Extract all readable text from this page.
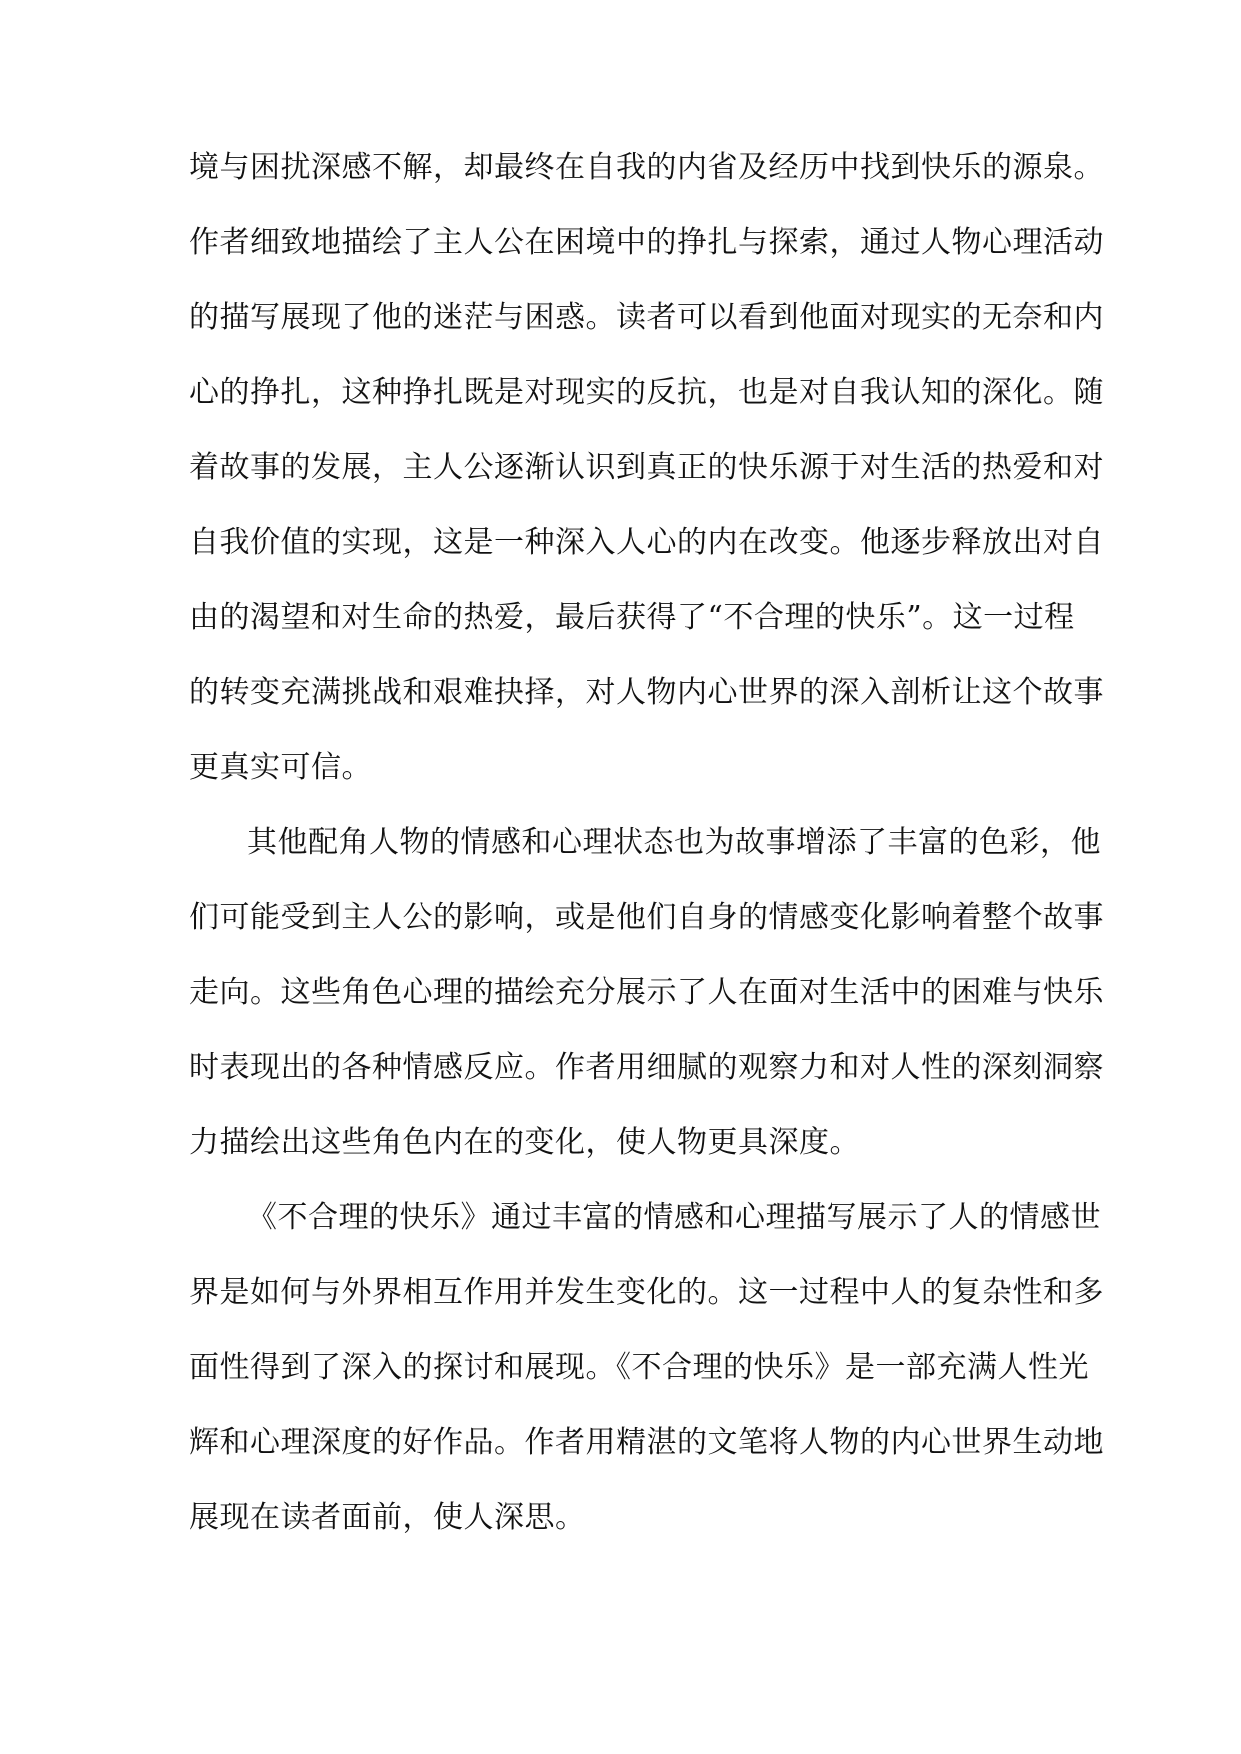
境与困扰深感不解，却最终在自我的内省及经历中找到快乐的源泉。
作者细致地描绘了主人公在困境中的挣扎与探索，通过人物心理活动
的描写展现了他的迷茫与困惑。读者可以看到他面对现实的无奈和内
心的挣扎，这种挣扎既是对现实的反抗，也是对自我认知的深化。随
着故事的发展，主人公逐渐认识到真正的快乐源于对生活的热爱和对
自我价值的实现，这是一种深入人心的内在改变。他逐步释放出对自
由的渴望和对生命的热爱，最后获得了“不合理的快乐”。这一过程
的转变充满挑战和艰难抉择，对人物内心世界的深入剖析让这个故事
更真实可信。
其他配角人物的情感和心理状态也为故事增添了丰富的色彩，他
们可能受到主人公的影响，或是他们自身的情感变化影响着整个故事
走向。这些角色心理的描绘充分展示了人在面对生活中的困难与快乐
时表现出的各种情感反应。作者用细腻的观察力和对人性的深刻洞察
力描绘出这些角色内在的变化，使人物更具深度。
《不合理的快乐》通过丰富的情感和心理描写展示了人的情感世
界是如何与外界相互作用并发生变化的。这一过程中人的复杂性和多
面性得到了深入的探讨和展现。《不合理的快乐》是一部充满人性光
辉和心理深度的好作品。作者用精湛的文笔将人物的内心世界生动地
展现在读者面前，使人深思。
